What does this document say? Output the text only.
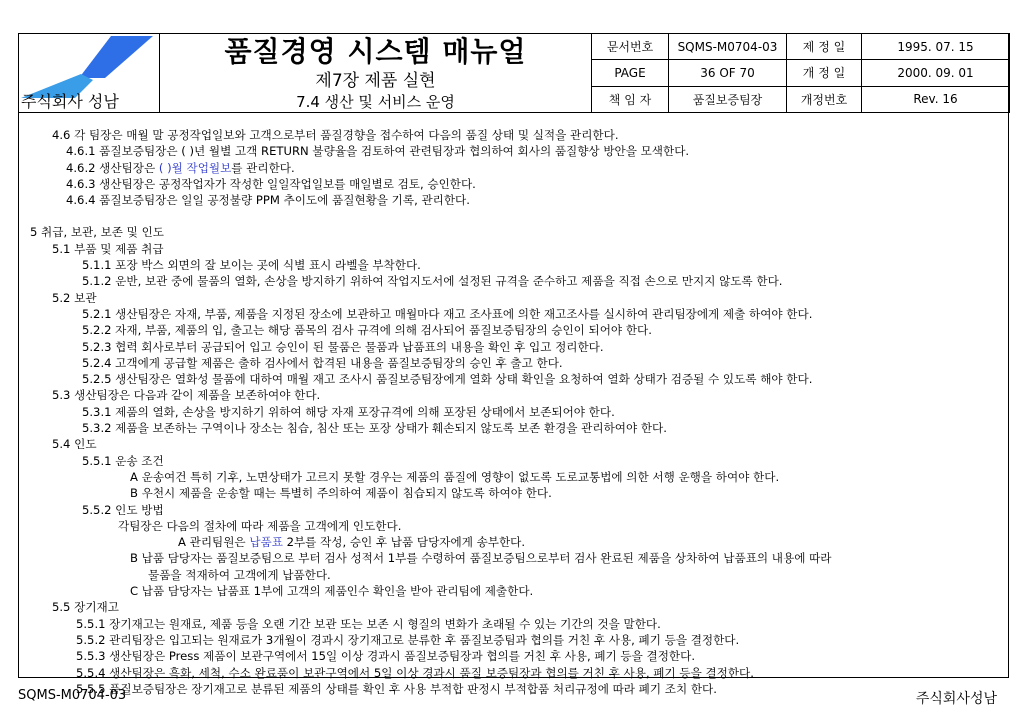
주식회사 성남	품질경영 시스템 매뉴얼
제7장 제품 실현
7.4 생산 및 서비스 운영	문서번호	SQMS-M0704-03	제 정 일	1995. 07. 15
		PAGE	36 OF 70	개 정 일	2000. 09. 01
		책 임 자	품질보증팀장	개정번호	Rev. 16
4.6 각 팀장은 매월 말 공정작업일보와 고객으로부터 품질경향을 접수하여 다음의 품질 상태 및 실적을 관리한다.
4.6.1 품질보증팀장은 ( )년 월별 고객 RETURN 불량율을 검토하여 관련팀장과 협의하여 회사의 품질향상 방안을 모색한다.
4.6.2 생산팀장은 ( )월 작업월보를 관리한다.
4.6.3 생산팀장은 공정작업자가 작성한 일일작업일보를 매일별로 검토, 승인한다.
4.6.4 품질보증팀장은 일일 공정불량 PPM 추이도에 품질현황을 기록, 관리한다.
5 취급, 보관, 보존 및 인도
5.1 부품 및 제품 취급
5.1.1 포장 박스 외면의 잘 보이는 곳에 식별 표시 라벨을 부착한다.
5.1.2 운반, 보관 중에 물품의 열화, 손상을 방지하기 위하여 작업지도서에 설정된 규격을 준수하고 제품을 직접 손으로 만지지 않도록 한다.
5.2 보관
5.2.1 생산팀장은 자재, 부품, 제품을 지정된 장소에 보관하고 매월마다 재고 조사표에 의한 재고조사를 실시하여 관리팀장에게 제출 하여야 한다.
5.2.2 자재, 부품, 제품의 입, 출고는 해당 품목의 검사 규격에 의해 검사되어 품질보증팀장의 승인이 되어야 한다.
5.2.3 협력 회사로부터 공급되어 입고 승인이 된 물품은 물품과 납품표의 내용을 확인 후 입고 정리한다.
5.2.4 고객에게 공급할 제품은 출하 검사에서 합격된 내용을 품질보증팀장의 승인 후 출고 한다.
5.2.5 생산팀장은 열화성 물품에 대하여 매월 재고 조사시 품질보증팀장에게 열화 상태 확인을 요청하여 열화 상태가 검증될 수 있도록 해야 한다.
5.3 생산팀장은 다음과 같이 제품을 보존하여야 한다.
5.3.1 제품의 열화, 손상을 방지하기 위하여 해당 자재 포장규격에 의해 포장된 상태에서 보존되어야 한다.
5.3.2 제품을 보존하는 구역이나 장소는 침습, 침산 또는 포장 상태가 훼손되지 않도록 보존 환경을 관리하여야 한다.
5.4 인도
5.5.1 운송 조건
A 운송여건 특히 기후, 노면상태가 고르지 못할 경우는 제품의 품질에 영향이 없도록 도로교통법에 의한 서행 운행을 하여야 한다.
B 우천시 제품을 운송할 때는 특별히 주의하여 제품이 침습되지 않도록 하여야 한다.
5.5.2 인도 방법
각팀장은 다음의 절차에 따라 제품을 고객에게 인도한다.
A 관리팀원은 납품표 2부를 작성, 승인 후 납품 담당자에게 송부한다.
B 납품 담당자는 품질보증팀으로 부터 검사 성적서 1부를 수령하여 품질보증팀으로부터 검사 완료된 제품을 상차하여 납품표의 내용에 따라
물품을 적재하여 고객에게 납품한다.
C 납품 담당자는 납품표 1부에 고객의 제품인수 확인을 받아 관리팀에 제출한다.
5.5 장기재고
5.5.1 장기재고는 원재료, 제품 등을 오랜 기간 보관 또는 보존 시 형질의 변화가 초래될 수 있는 기간의 것을 말한다.
5.5.2 관리팀장은 입고되는 원재료가 3개월이 경과시 장기재고로 분류한 후 품질보증팀과 협의를 거친 후 사용, 폐기 등을 결정한다.
5.5.3 생산팀장은 Press 제품이 보관구역에서 15일 이상 경과시 품질보증팀장과 협의를 거친 후 사용, 폐기 등을 결정한다.
5.5.4 생산팀장은 흑화, 세척, 수소 완료품이 보관구역에서 5일 이상 경과시 품질 보증팀장과 협의를 거친 후 사용, 폐기 등을 결정한다.
5.5.5 품질보증팀장은 장기재고로 분류된 제품의 상태를 확인 후 사용 부적합 판정시 부적합품 처리규정에 따라 폐기 조치 한다.
SQMS-M0704-03	주식회사성남
